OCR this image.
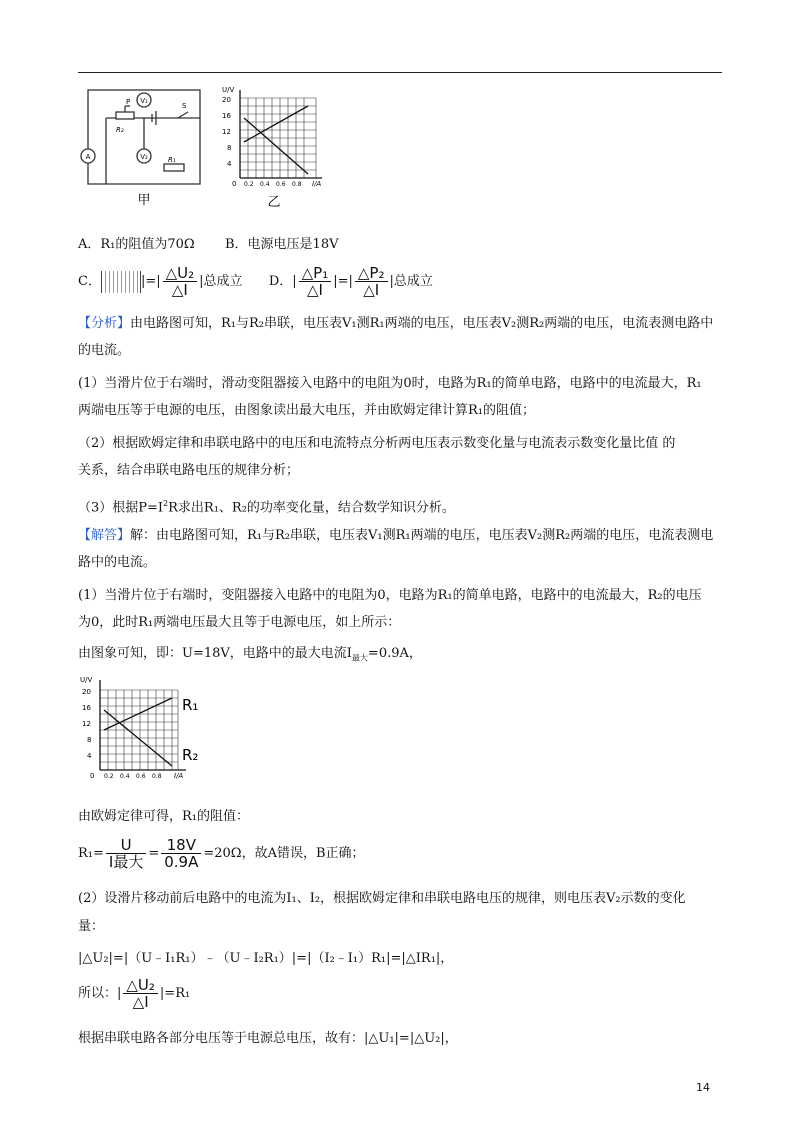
V₁
P
R₂
S
V₂	R₁
A
甲
U/V
20
16
12
8
4
0 0.2 0.4 0.6 0.8 I/A
乙
A．R₁的阻值为70Ω B．电源电压是18V
C．	|=| $\frac{\text{△U₂}}{\triangle I}$ |总成立 D．| $\frac{\text{△P₁}}{\triangle I}$ |=| $\frac{\text{△P₂}}{\triangle I}$ |总成立
【分析】由电路图可知，R₁与R₂串联，电压表V₁测R₁两端的电压，电压表V₂测R₂两端的电压，电流表测电路中
的电流。
(1）当滑片位于右端时，滑动变阻器接入电路中的电阻为0时，电路为R₁的简单电路，电路中的电流最大，R₁
两端电压等于电源的电压，由图象读出最大电压，并由欧姆定律计算R₁的阻值；
（2）根据欧姆定律和串联电路中的电压和电流特点分析两电压表示数变化量与电流表示数变化量比值 的
关系，结合串联电路电压的规律分析；
（3）根据$P=I^2R$求出R₁、R₂的功率变化量，结合数学知识分析。
【解答】解：由电路图可知，R₁与R₂串联，电压表V₁测R₁两端的电压，电压表V₂测R₂两端的电压，电流表测电
路中的电流。
(1）当滑片位于右端时，变阻器接入电路中的电阻为0，电路为R₁的简单电路，电路中的电流最大，R₂的电压
为0，此时R₁两端电压最大且等于电源电压，如上所示：
由图象可知，即：U=18V，电路中的最大电流$I_{最大}=0.9A$，
U/V
20
16
12
8
4
0 0.2 0.4 0.6 0.8 I/A
R₁
R₂
由欧姆定律可得，R₁的阻值：
$R_1= \frac{U}{\text{I最大}} = \frac{18V}{0.9A} =20\Omega$，故A错误，B正确；
(2）设滑片移动前后电路中的电流为I₁、I₂，根据欧姆定律和串联电路电压的规律，则电压表V₂示数的变化
量：
|△U₂|=|（U﹣I₁R₁）﹣（U﹣I₂R₁）|=|（I₂﹣I₁）R₁|=|△IR₁|，
所以：| $\frac{\text{△U₂}}{\triangle I} |=R_1$
根据串联电路各部分电压等于电源总电压，故有：|△U₁|=|△U₂|，
14
